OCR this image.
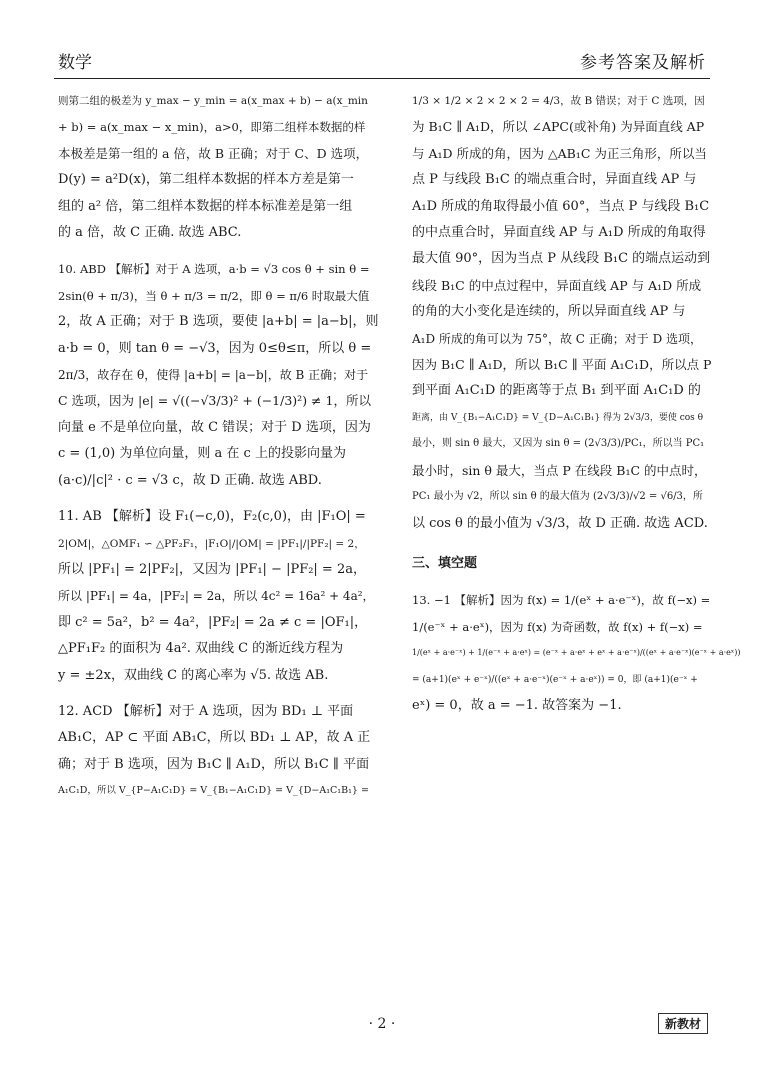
数学	参考答案及解析

则第二组的极差为 y_max − y_min = a(x_max + b) − a(x_min

+ b) = a(x_max − x_min)，a>0，即第二组样本数据的样

本极差是第一组的 a 倍，故 B 正确；对于 C、D 选项，

D(y) = a²D(x)，第二组样本数据的样本方差是第一

组的 a² 倍，第二组样本数据的样本标准差是第一组

的 a 倍，故 C 正确. 故选 ABC.

10. ABD 【解析】对于 A 选项，a·b = √3 cos θ + sin θ =

2sin(θ + π/3)，当 θ + π/3 = π/2，即 θ = π/6 时取最大值

2，故 A 正确；对于 B 选项，要使 |a+b| = |a−b|，则

a·b = 0，则 tan θ = −√3，因为 0≤θ≤π，所以 θ =

2π/3，故存在 θ，使得 |a+b| = |a−b|，故 B 正确；对于

C 选项，因为 |e| = √((−√3/3)² + (−1/3)²) ≠ 1，所以

向量 e 不是单位向量，故 C 错误；对于 D 选项，因为

c = (1,0) 为单位向量，则 a 在 c 上的投影向量为

(a·c)/|c|² · c = √3 c，故 D 正确. 故选 ABD.

11. AB 【解析】设 F₁(−c,0)，F₂(c,0)，由 |F₁O| =

2|OM|，△OMF₁ ∽ △PF₂F₁，|F₁O|/|OM| = |PF₁|/|PF₂| = 2，

所以 |PF₁| = 2|PF₂|，又因为 |PF₁| − |PF₂| = 2a，

所以 |PF₁| = 4a，|PF₂| = 2a，所以 4c² = 16a² + 4a²，

即 c² = 5a²，b² = 4a²，|PF₂| = 2a ≠ c = |OF₁|，

△PF₁F₂ 的面积为 4a². 双曲线 C 的渐近线方程为

y = ±2x，双曲线 C 的离心率为 √5. 故选 AB.

12. ACD 【解析】对于 A 选项，因为 BD₁ ⊥ 平面

AB₁C，AP ⊂ 平面 AB₁C，所以 BD₁ ⊥ AP，故 A 正

确；对于 B 选项，因为 B₁C ∥ A₁D，所以 B₁C ∥ 平面

A₁C₁D，所以 V_{P−A₁C₁D} = V_{B₁−A₁C₁D} = V_{D−A₁C₁B₁} =

1/3 × 1/2 × 2 × 2 × 2 = 4/3，故 B 错误；对于 C 选项，因

为 B₁C ∥ A₁D，所以 ∠APC(或补角) 为异面直线 AP

与 A₁D 所成的角，因为 △AB₁C 为正三角形，所以当

点 P 与线段 B₁C 的端点重合时，异面直线 AP 与

A₁D 所成的角取得最小值 60°，当点 P 与线段 B₁C

的中点重合时，异面直线 AP 与 A₁D 所成的角取得

最大值 90°，因为当点 P 从线段 B₁C 的端点运动到

线段 B₁C 的中点过程中，异面直线 AP 与 A₁D 所成

的角的大小变化是连续的，所以异面直线 AP 与

A₁D 所成的角可以为 75°，故 C 正确；对于 D 选项，

因为 B₁C ∥ A₁D，所以 B₁C ∥ 平面 A₁C₁D，所以点 P

到平面 A₁C₁D 的距离等于点 B₁ 到平面 A₁C₁D 的

距离，由 V_{B₁−A₁C₁D} = V_{D−A₁C₁B₁} 得为 2√3/3，要使 cos θ

最小，则 sin θ 最大，又因为 sin θ = (2√3/3)/PC₁，所以当 PC₁

最小时，sin θ 最大，当点 P 在线段 B₁C 的中点时，

PC₁ 最小为 √2，所以 sin θ 的最大值为 (2√3/3)/√2 = √6/3，所

以 cos θ 的最小值为 √3/3，故 D 正确. 故选 ACD.

三、填空题

13. −1 【解析】因为 f(x) = 1/(eˣ + a·e⁻ˣ)，故 f(−x) =

1/(e⁻ˣ + a·eˣ)，因为 f(x) 为奇函数，故 f(x) + f(−x) =

1/(eˣ + a·e⁻ˣ) + 1/(e⁻ˣ + a·eˣ) = (e⁻ˣ + a·eˣ + eˣ + a·e⁻ˣ)/((eˣ + a·e⁻ˣ)(e⁻ˣ + a·eˣ))

= (a+1)(eˣ + e⁻ˣ)/((eˣ + a·e⁻ˣ)(e⁻ˣ + a·eˣ)) = 0，即 (a+1)(e⁻ˣ +

eˣ) = 0，故 a = −1. 故答案为 −1.

· 2 ·	新教材
